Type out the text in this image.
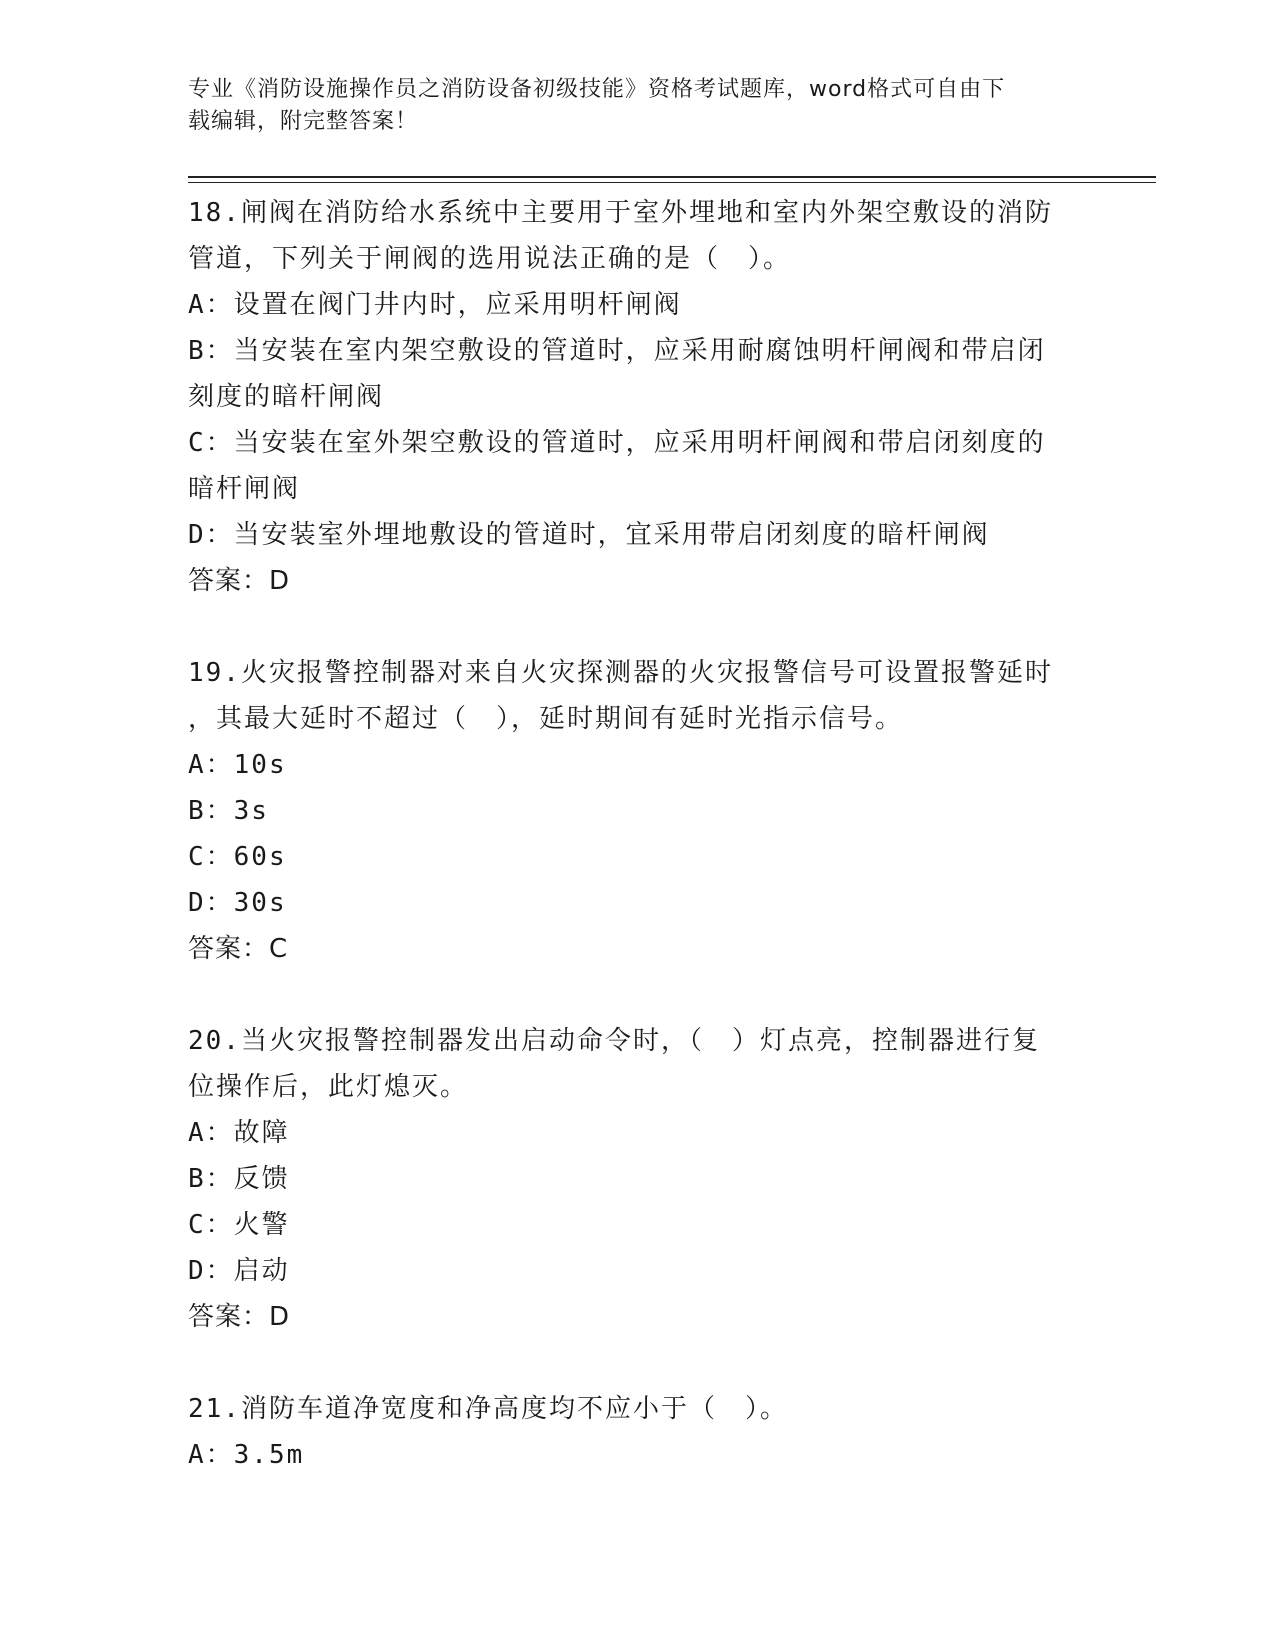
专业《消防设施操作员之消防设备初级技能》资格考试题库，word格式可自由下
载编辑，附完整答案！
18.闸阀在消防给水系统中主要用于室外埋地和室内外架空敷设的消防
管道，下列关于闸阀的选用说法正确的是（　）。
A：设置在阀门井内时，应采用明杆闸阀
B：当安装在室内架空敷设的管道时，应采用耐腐蚀明杆闸阀和带启闭
刻度的暗杆闸阀
C：当安装在室外架空敷设的管道时，应采用明杆闸阀和带启闭刻度的
暗杆闸阀
D：当安装室外埋地敷设的管道时，宜采用带启闭刻度的暗杆闸阀
答案：D
19.火灾报警控制器对来自火灾探测器的火灾报警信号可设置报警延时
，其最大延时不超过（　），延时期间有延时光指示信号。
A：10s
B：3s
C：60s
D：30s
答案：C
20.当火灾报警控制器发出启动命令时，（　）灯点亮，控制器进行复
位操作后，此灯熄灭。
A：故障
B：反馈
C：火警
D：启动
答案：D
21.消防车道净宽度和净高度均不应小于（　）。
A：3.5m
